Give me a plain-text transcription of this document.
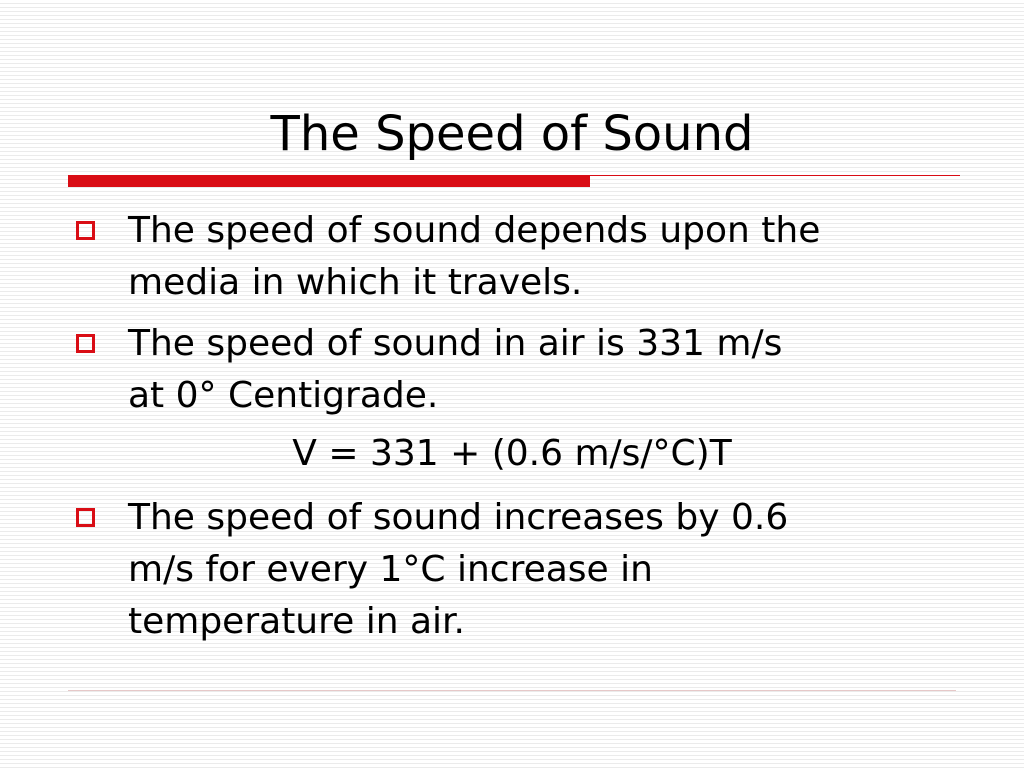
The Speed of Sound
The speed of sound depends upon the
media in which it travels.
The speed of sound in air is 331 m/s
at 0° Centigrade.
The speed of sound increases by 0.6
m/s for every 1°C increase in
temperature in air.
V = 331 + (0.6 m/s/°C)T
